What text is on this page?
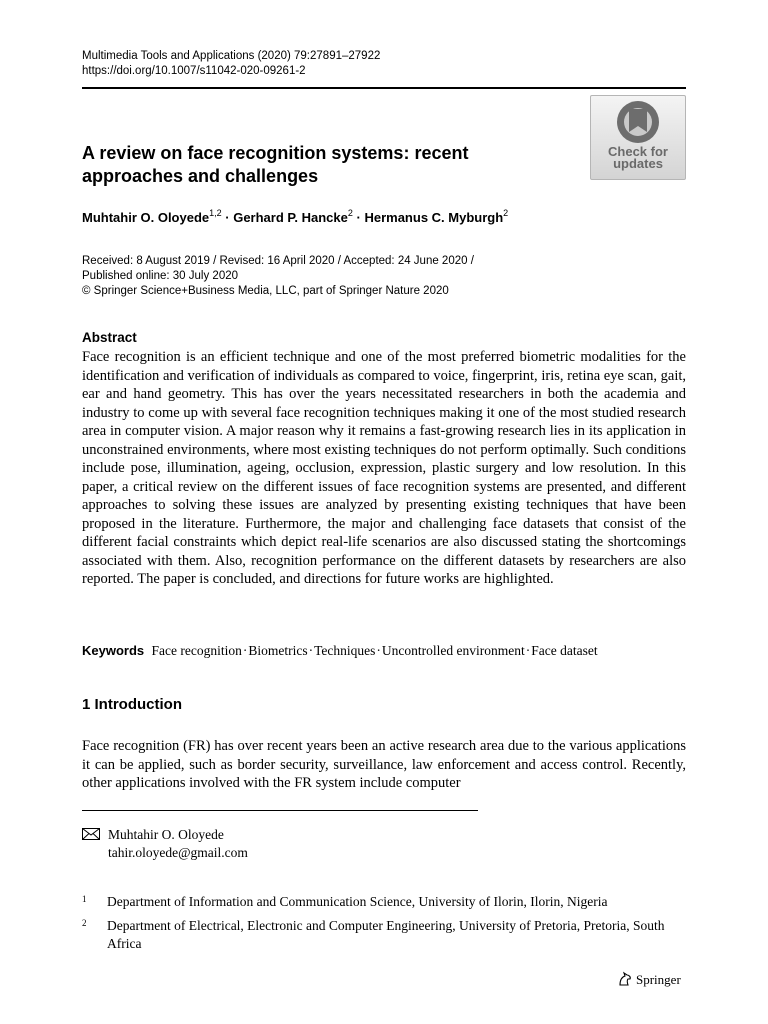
Multimedia Tools and Applications (2020) 79:27891–27922
https://doi.org/10.1007/s11042-020-09261-2
Check for
updates
A review on face recognition systems: recent
approaches and challenges
Muhtahir O. Oloyede$^{1,2}$ · Gerhard P. Hancke$^2$ · Hermanus C. Myburgh$^2$
Received: 8 August 2019 / Revised: 16 April 2020 / Accepted: 24 June 2020 /
Published online: 30 July 2020
© Springer Science+Business Media, LLC, part of Springer Nature 2020
Abstract

Face recognition is an efficient technique and one of the most preferred biometric modalities for the identification and verification of individuals as compared to voice, fingerprint, iris, retina eye scan, gait, ear and hand geometry. This has over the years necessitated researchers in both the academia and industry to come up with several face recognition techniques making it one of the most studied research area in computer vision. A major reason why it remains a fast-growing research lies in its application in unconstrained environments, where most existing techniques do not perform optimally. Such conditions include pose, illumination, ageing, occlusion, expression, plastic surgery and low resolution. In this paper, a critical review on the different issues of face recognition systems are presented, and different approaches to solving these issues are analyzed by presenting existing techniques that have been proposed in the literature. Furthermore, the major and challenging face datasets that consist of the different facial constraints which depict real-life scenarios are also discussed stating the shortcomings associated with them. Also, recognition performance on the different datasets by researchers are also reported. The paper is concluded, and directions for future works are highlighted.

Keywords Face recognition·Biometrics·Techniques·Uncontrolled environment·Face dataset
1 Introduction

Face recognition (FR) has over recent years been an active research area due to the various applications it can be applied, such as border security, surveillance, law enforcement and access control. Recently, other applications involved with the FR system include computer

Muhtahir O. Oloyede
tahir.oloyede@gmail.com
1 Department of Information and Communication Science, University of Ilorin, Ilorin, Nigeria
2 Department of Electrical, Electronic and Computer Engineering, University of Pretoria, Pretoria, South Africa
Springer
